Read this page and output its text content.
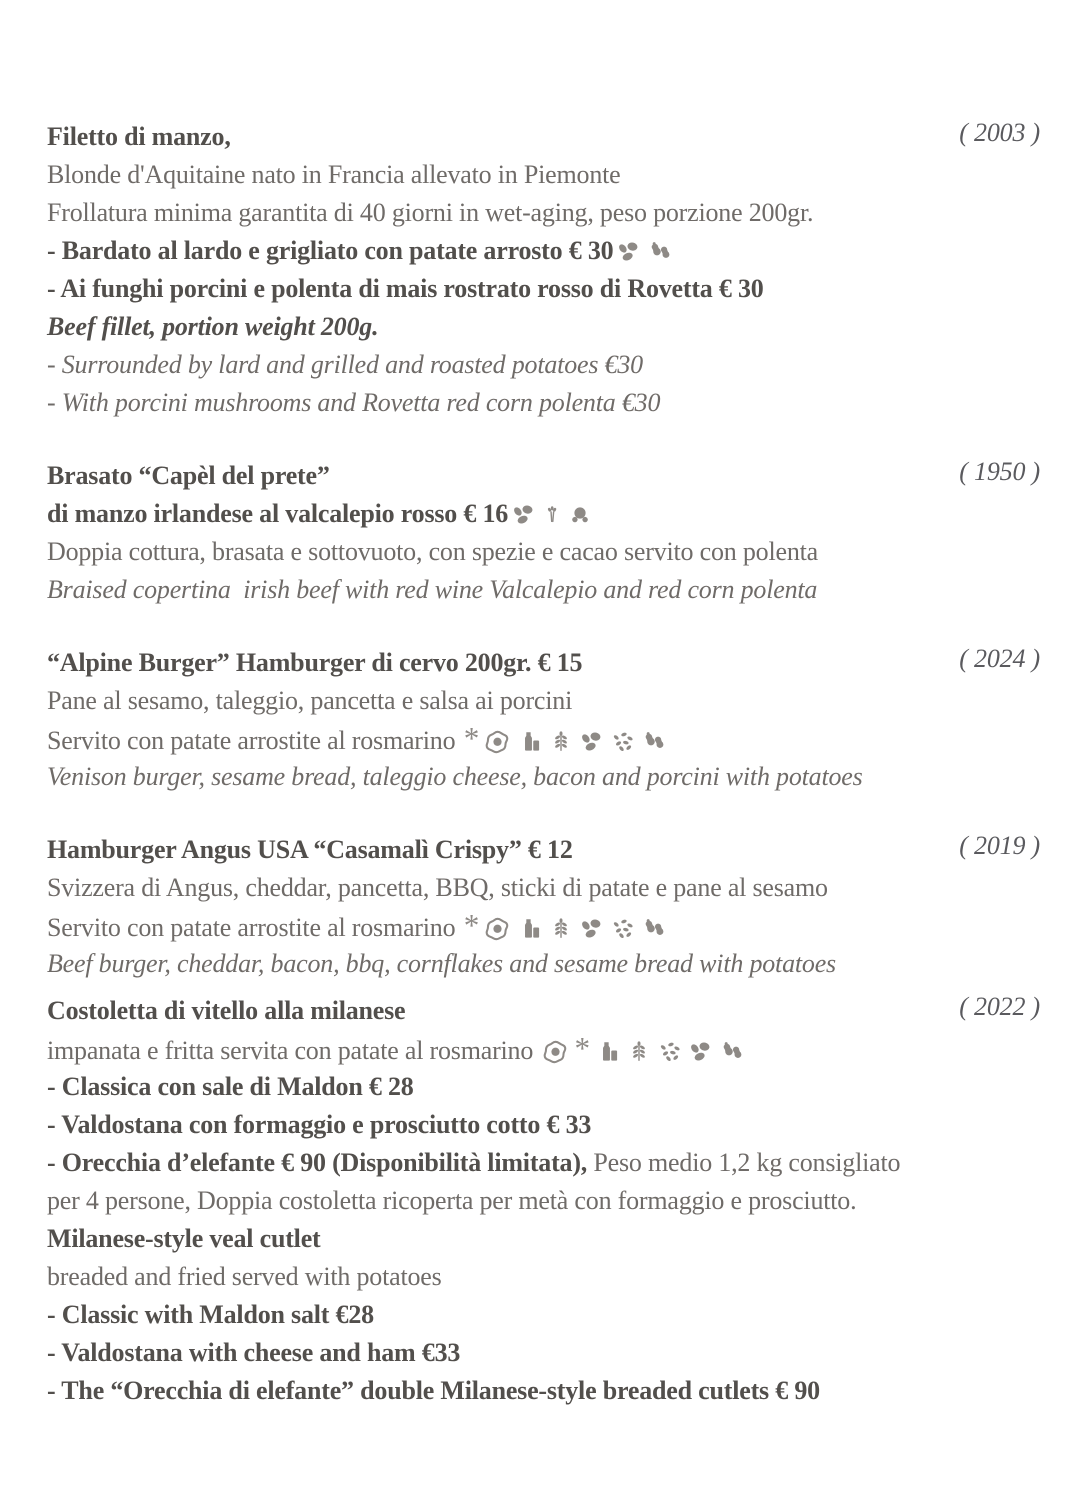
Filetto di manzo,	( 2003 )
Blonde d'Aquitaine nato in Francia allevato in Piemonte
Frollatura minima garantita di 40 giorni in wet-aging, peso porzione 200gr.
- Bardato al lardo e grigliato con patate arrosto € 30
- Ai funghi porcini e polenta di mais rostrato rosso di Rovetta € 30
Beef fillet, portion weight 200g.
- Surrounded by lard and grilled and roasted potatoes €30
- With porcini mushrooms and Rovetta red corn polenta €30
Brasato “Capèl del prete”	( 1950 )
di manzo irlandese al valcalepio rosso € 16
Doppia cottura, brasata e sottovuoto, con spezie e cacao servito con polenta
Braised copertina  irish beef with red wine Valcalepio and red corn polenta
“Alpine Burger” Hamburger di cervo 200gr. € 15	( 2024 )
Pane al sesamo, taleggio, pancetta e salsa ai porcini
Servito con patate arrostite al rosmarino *
Venison burger, sesame bread, taleggio cheese, bacon and porcini with potatoes
Hamburger Angus USA “Casamalì Crispy” € 12	( 2019 )
Svizzera di Angus, cheddar, pancetta, BBQ, sticki di patate e pane al sesamo
Servito con patate arrostite al rosmarino *
Beef burger, cheddar, bacon, bbq, cornflakes and sesame bread with potatoes
Costoletta di vitello alla milanese	( 2022 )
impanata e fritta servita con patate al rosmarino *
- Classica con sale di Maldon € 28
- Valdostana con formaggio e prosciutto cotto € 33
- Orecchia d’elefante € 90 (Disponibilità limitata), Peso medio 1,2 kg consigliato
per 4 persone, Doppia costoletta ricoperta per metà con formaggio e prosciutto.
Milanese-style veal cutlet
breaded and fried served with potatoes
- Classic with Maldon salt €28
- Valdostana with cheese and ham €33
- The “Orecchia di elefante” double Milanese-style breaded cutlets € 90
